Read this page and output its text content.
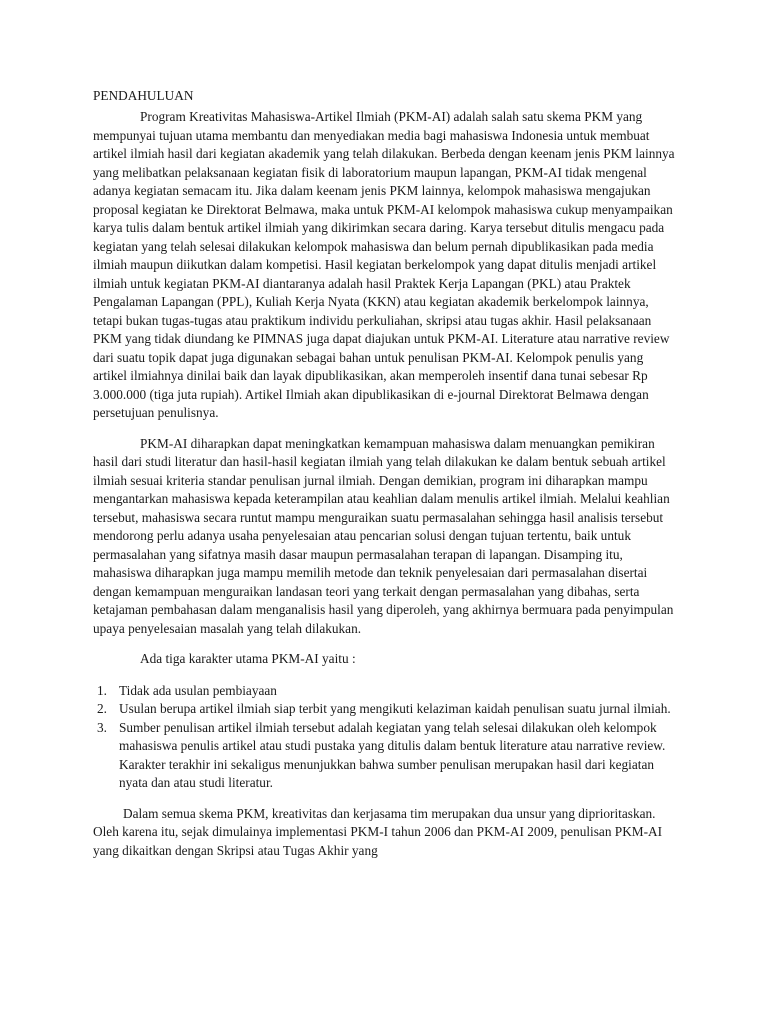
PENDAHULUAN

Program Kreativitas Mahasiswa-Artikel Ilmiah (PKM-AI) adalah salah satu skema PKM yang mempunyai tujuan utama membantu dan menyediakan media bagi mahasiswa Indonesia untuk membuat artikel ilmiah hasil dari kegiatan akademik yang telah dilakukan. Berbeda dengan keenam jenis PKM lainnya yang melibatkan pelaksanaan kegiatan fisik di laboratorium maupun lapangan, PKM-AI tidak mengenal adanya kegiatan semacam itu. Jika dalam keenam jenis PKM lainnya, kelompok mahasiswa mengajukan proposal kegiatan ke Direktorat Belmawa, maka untuk PKM-AI kelompok mahasiswa cukup menyampaikan karya tulis dalam bentuk artikel ilmiah yang dikirimkan secara daring. Karya tersebut ditulis mengacu pada kegiatan yang telah selesai dilakukan kelompok mahasiswa dan belum pernah dipublikasikan pada media ilmiah maupun diikutkan dalam kompetisi. Hasil kegiatan berkelompok yang dapat ditulis menjadi artikel ilmiah untuk kegiatan PKM-AI diantaranya adalah hasil Praktek Kerja Lapangan (PKL) atau Praktek Pengalaman Lapangan (PPL), Kuliah Kerja Nyata (KKN) atau kegiatan akademik berkelompok lainnya, tetapi bukan tugas-tugas atau praktikum individu perkuliahan, skripsi atau tugas akhir. Hasil pelaksanaan PKM yang tidak diundang ke PIMNAS juga dapat diajukan untuk PKM-AI. Literature atau narrative review dari suatu topik dapat juga digunakan sebagai bahan untuk penulisan PKM-AI. Kelompok penulis yang artikel ilmiahnya dinilai baik dan layak dipublikasikan, akan memperoleh insentif dana tunai sebesar Rp 3.000.000 (tiga juta rupiah). Artikel Ilmiah akan dipublikasikan di e-journal Direktorat Belmawa dengan persetujuan penulisnya.

PKM-AI diharapkan dapat meningkatkan kemampuan mahasiswa dalam menuangkan pemikiran hasil dari studi literatur dan hasil-hasil kegiatan ilmiah yang telah dilakukan ke dalam bentuk sebuah artikel ilmiah sesuai kriteria standar penulisan jurnal ilmiah. Dengan demikian, program ini diharapkan mampu mengantarkan mahasiswa kepada keterampilan atau keahlian dalam menulis artikel ilmiah. Melalui keahlian tersebut, mahasiswa secara runtut mampu menguraikan suatu permasalahan sehingga hasil analisis tersebut mendorong perlu adanya usaha penyelesaian atau pencarian solusi dengan tujuan tertentu, baik untuk permasalahan yang sifatnya masih dasar maupun permasalahan terapan di lapangan. Disamping itu, mahasiswa diharapkan juga mampu memilih metode dan teknik penyelesaian dari permasalahan disertai dengan kemampuan menguraikan landasan teori yang terkait dengan permasalahan yang dibahas, serta ketajaman pembahasan dalam menganalisis hasil yang diperoleh, yang akhirnya bermuara pada penyimpulan upaya penyelesaian masalah yang telah dilakukan.

Ada tiga karakter utama PKM-AI yaitu :

1. Tidak ada usulan pembiayaan
2. Usulan berupa artikel ilmiah siap terbit yang mengikuti kelaziman kaidah penulisan suatu jurnal ilmiah.
3. Sumber penulisan artikel ilmiah tersebut adalah kegiatan yang telah selesai dilakukan oleh kelompok mahasiswa penulis artikel atau studi pustaka yang ditulis dalam bentuk literature atau narrative review. Karakter terakhir ini sekaligus menunjukkan bahwa sumber penulisan merupakan hasil dari kegiatan nyata dan atau studi literatur.

Dalam semua skema PKM, kreativitas dan kerjasama tim merupakan dua unsur yang diprioritaskan. Oleh karena itu, sejak dimulainya implementasi PKM-I tahun 2006 dan PKM-AI 2009, penulisan PKM-AI yang dikaitkan dengan Skripsi atau Tugas Akhir yang
